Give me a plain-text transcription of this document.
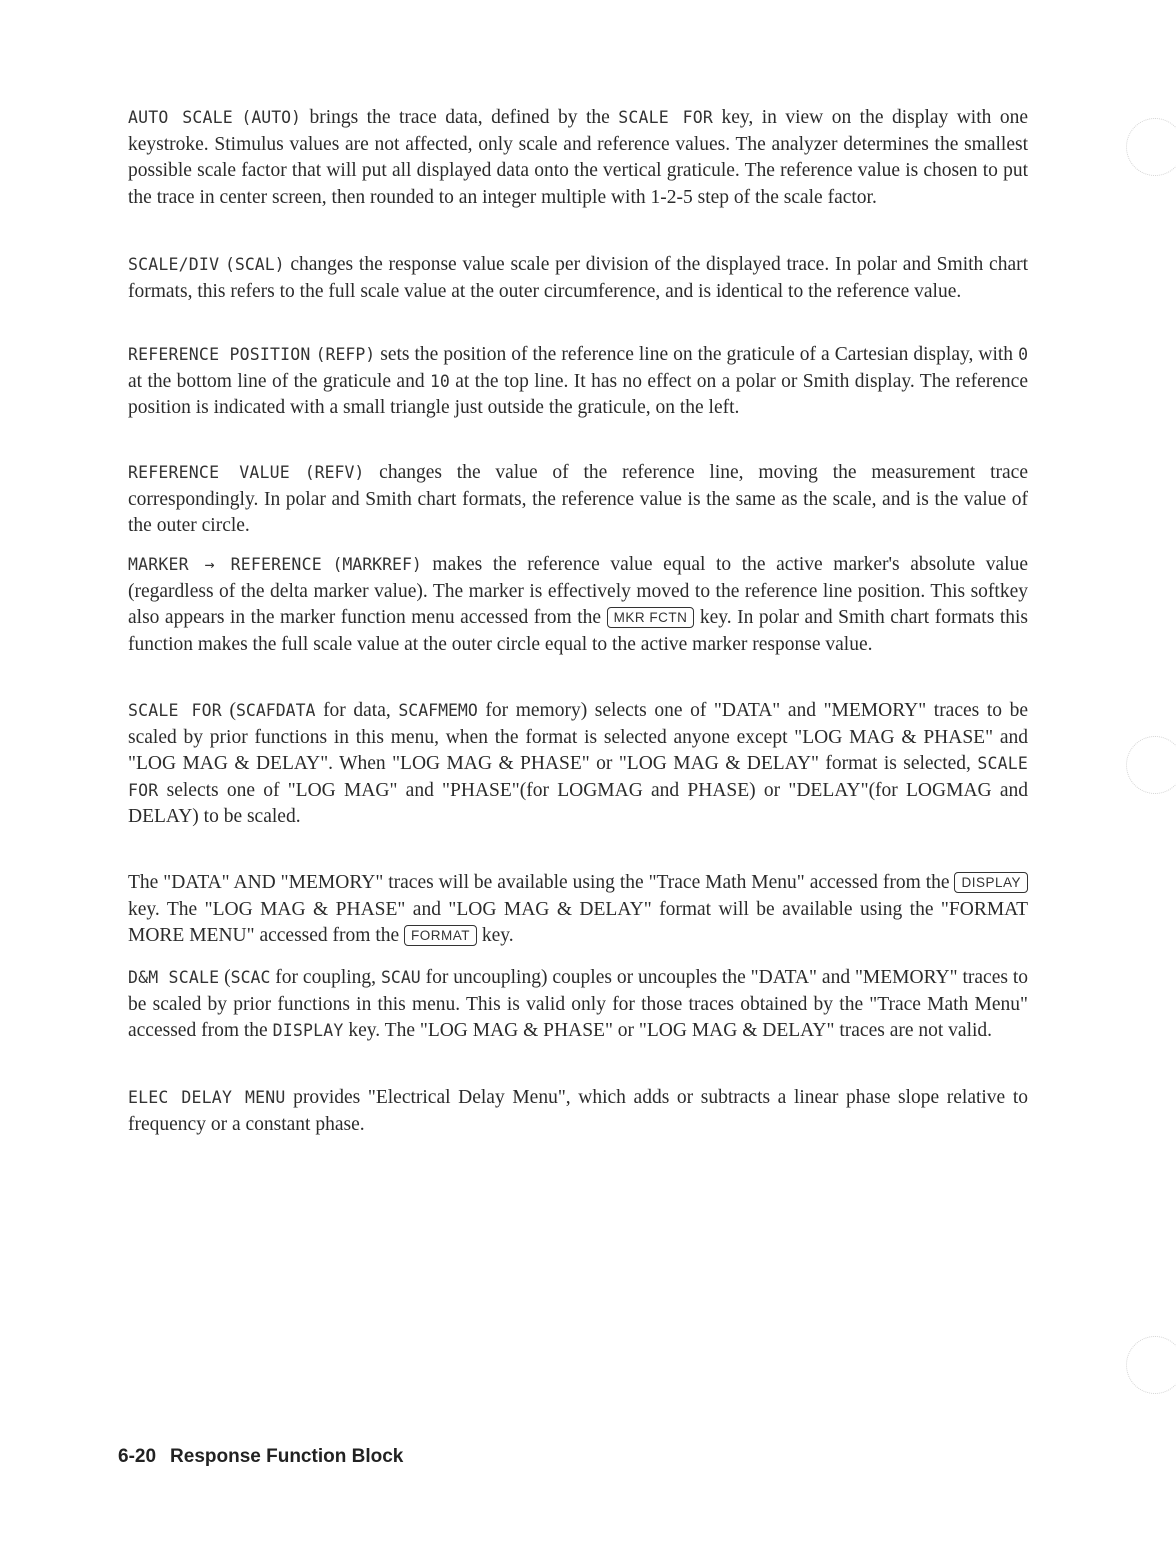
AUTO SCALE (AUTO) brings the trace data, defined by the SCALE FOR key, in view on the display with one keystroke. Stimulus values are not affected, only scale and reference values. The analyzer determines the smallest possible scale factor that will put all displayed data onto the vertical graticule. The reference value is chosen to put the trace in center screen, then rounded to an integer multiple with 1-2-5 step of the scale factor.

SCALE/DIV (SCAL) changes the response value scale per division of the displayed trace. In polar and Smith chart formats, this refers to the full scale value at the outer circumference, and is identical to the reference value.

REFERENCE POSITION (REFP) sets the position of the reference line on the graticule of a Cartesian display, with 0 at the bottom line of the graticule and 10 at the top line. It has no effect on a polar or Smith display. The reference position is indicated with a small triangle just outside the graticule, on the left.

REFERENCE VALUE (REFV) changes the value of the reference line, moving the measurement trace correspondingly. In polar and Smith chart formats, the reference value is the same as the scale, and is the value of the outer circle.

MARKER → REFERENCE (MARKREF) makes the reference value equal to the active marker's absolute value (regardless of the delta marker value). The marker is effectively moved to the reference line position. This softkey also appears in the marker function menu accessed from the MKR FCTN key. In polar and Smith chart formats this function makes the full scale value at the outer circle equal to the active marker response value.

SCALE FOR (SCAFDATA for data, SCAFMEMO for memory) selects one of "DATA" and "MEMORY" traces to be scaled by prior functions in this menu, when the format is selected anyone except "LOG MAG & PHASE" and "LOG MAG & DELAY". When "LOG MAG & PHASE" or "LOG MAG & DELAY" format is selected, SCALE FOR selects one of "LOG MAG" and "PHASE"(for LOGMAG and PHASE) or "DELAY"(for LOGMAG and DELAY) to be scaled.

The "DATA" AND "MEMORY" traces will be available using the "Trace Math Menu" accessed from the DISPLAY key. The "LOG MAG & PHASE" and "LOG MAG & DELAY" format will be available using the "FORMAT MORE MENU" accessed from the FORMAT key.

D&M SCALE (SCAC for coupling, SCAU for uncoupling) couples or uncouples the "DATA" and "MEMORY" traces to be scaled by prior functions in this menu. This is valid only for those traces obtained by the "Trace Math Menu" accessed from the DISPLAY key. The "LOG MAG & PHASE" or "LOG MAG & DELAY" traces are not valid.

ELEC DELAY MENU provides "Electrical Delay Menu", which adds or subtracts a linear phase slope relative to frequency or a constant phase.

6-20 Response Function Block
